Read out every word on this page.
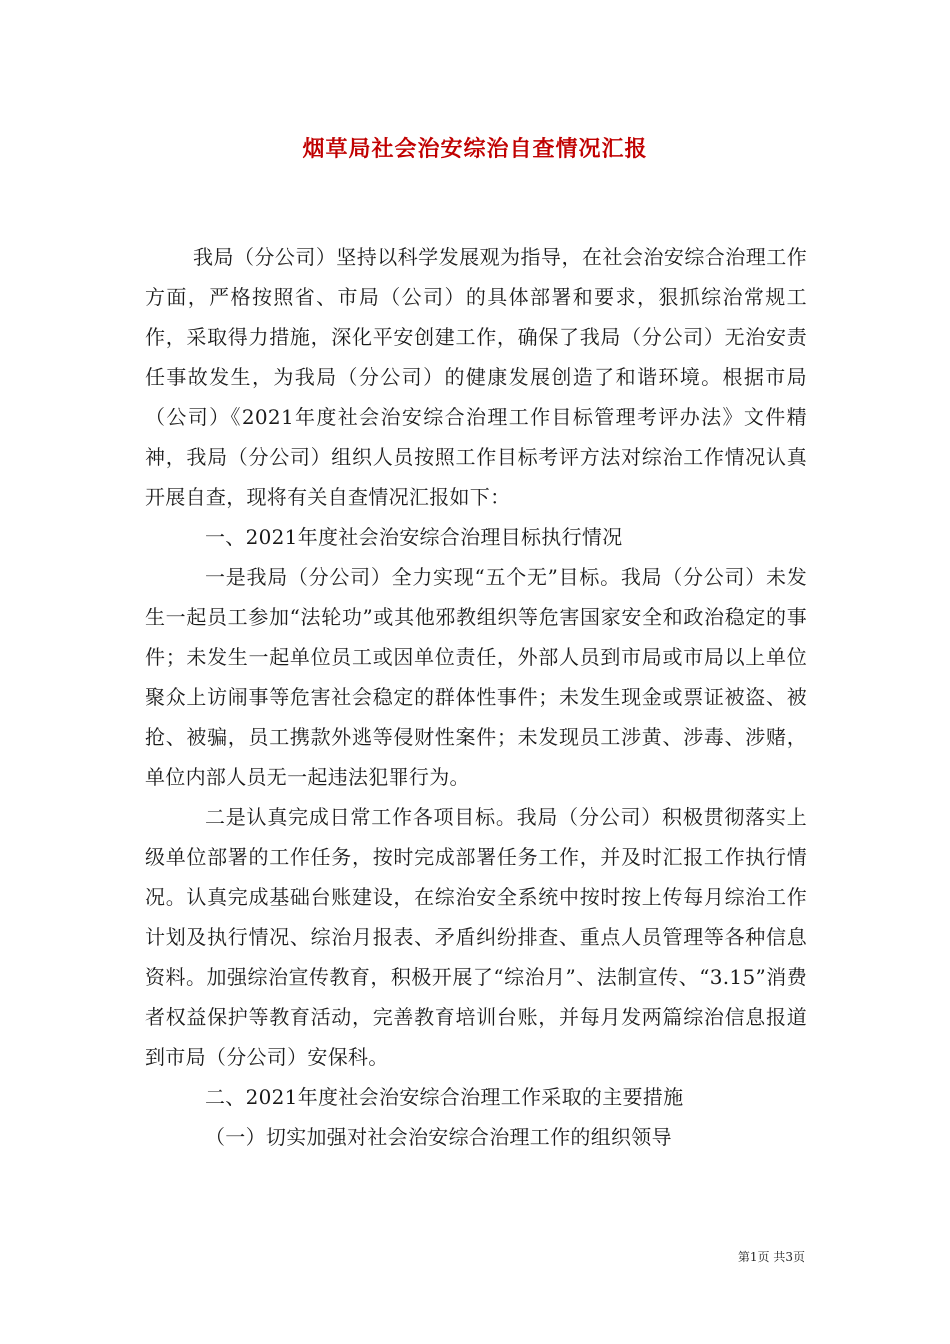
烟草局社会治安综治自查情况汇报

我局（分公司）坚持以科学发展观为指导，在社会治安综合治理工作方面，严格按照省、市局（公司）的具体部署和要求，狠抓综治常规工作，采取得力措施，深化平安创建工作，确保了我局（分公司）无治安责任事故发生，为我局（分公司）的健康发展创造了和谐环境。根据市局（公司）《2021年度社会治安综合治理工作目标管理考评办法》文件精神，我局（分公司）组织人员按照工作目标考评方法对综治工作情况认真开展自查，现将有关自查情况汇报如下：

一、2021年度社会治安综合治理目标执行情况

一是我局（分公司）全力实现“五个无”目标。我局（分公司）未发生一起员工参加“法轮功”或其他邪教组织等危害国家安全和政治稳定的事件；未发生一起单位员工或因单位责任，外部人员到市局或市局以上单位聚众上访闹事等危害社会稳定的群体性事件；未发生现金或票证被盗、被抢、被骗，员工携款外逃等侵财性案件；未发现员工涉黄、涉毒、涉赌，单位内部人员无一起违法犯罪行为。

二是认真完成日常工作各项目标。我局（分公司）积极贯彻落实上级单位部署的工作任务，按时完成部署任务工作，并及时汇报工作执行情况。认真完成基础台账建设，在综治安全系统中按时按上传每月综治工作计划及执行情况、综治月报表、矛盾纠纷排查、重点人员管理等各种信息资料。加强综治宣传教育，积极开展了“综治月”、法制宣传、“3.15”消费者权益保护等教育活动，完善教育培训台账，并每月发两篇综治信息报道到市局（分公司）安保科。

二、2021年度社会治安综合治理工作采取的主要措施

（一）切实加强对社会治安综合治理工作的组织领导

第1页 共3页
